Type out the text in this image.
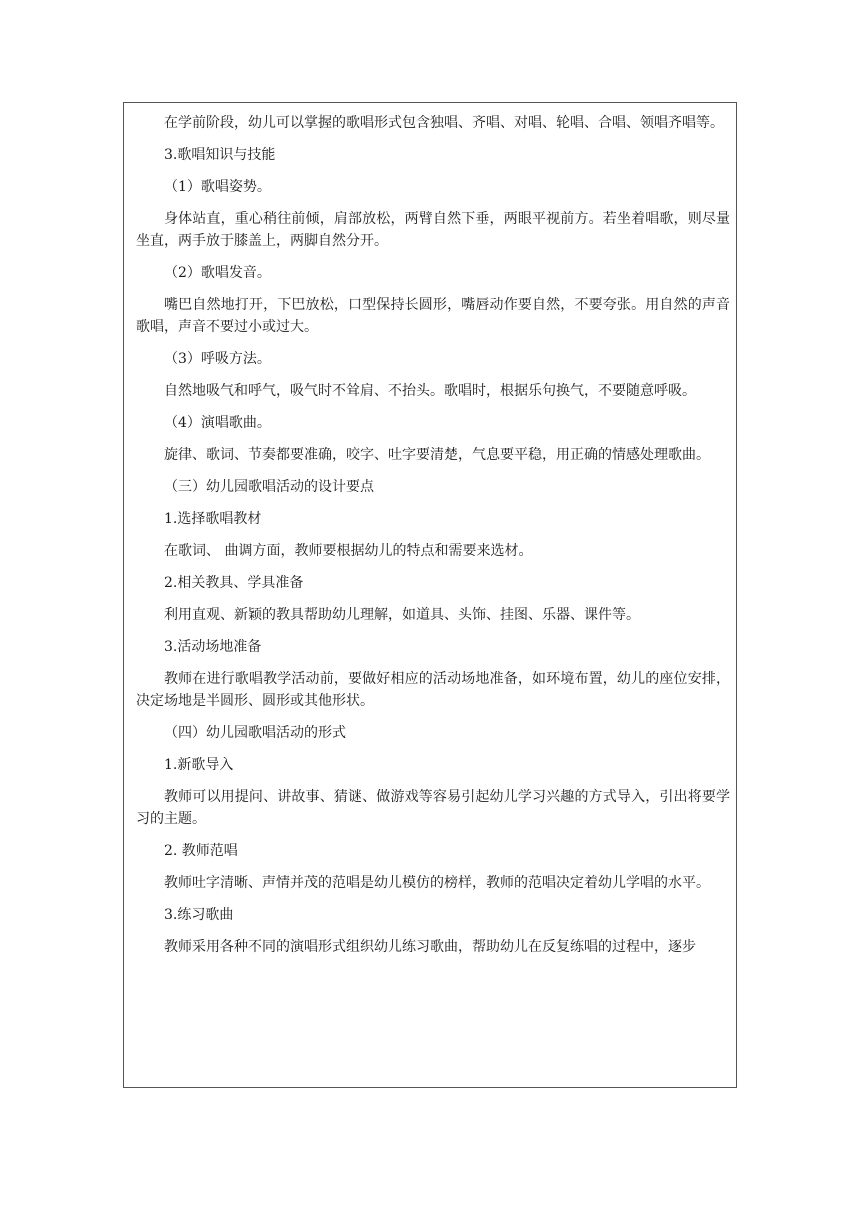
在学前阶段，幼儿可以掌握的歌唱形式包含独唱、齐唱、对唱、轮唱、合唱、领唱齐唱等。

3.歌唱知识与技能

（1）歌唱姿势。

身体站直，重心稍往前倾，肩部放松，两臂自然下垂，两眼平视前方。若坐着唱歌，则尽量坐直，两手放于膝盖上，两脚自然分开。

（2）歌唱发音。

嘴巴自然地打开，下巴放松，口型保持长圆形，嘴唇动作要自然，不要夸张。用自然的声音歌唱，声音不要过小或过大。

（3）呼吸方法。

自然地吸气和呼气，吸气时不耸肩、不抬头。歌唱时，根据乐句换气，不要随意呼吸。

（4）演唱歌曲。

旋律、歌词、节奏都要准确，咬字、吐字要清楚，气息要平稳，用正确的情感处理歌曲。

（三）幼儿园歌唱活动的设计要点

1.选择歌唱教材

在歌词、 曲调方面，教师要根据幼儿的特点和需要来选材。

2.相关教具、学具准备

利用直观、新颖的教具帮助幼儿理解，如道具、头饰、挂图、乐器、课件等。

3.活动场地准备

教师在进行歌唱教学活动前，要做好相应的活动场地准备，如环境布置，幼儿的座位安排，决定场地是半圆形、圆形或其他形状。

（四）幼儿园歌唱活动的形式

1.新歌导入

教师可以用提问、讲故事、猜谜、做游戏等容易引起幼儿学习兴趣的方式导入，引出将要学习的主题。

2. 教师范唱

教师吐字清晰、声情并茂的范唱是幼儿模仿的榜样，教师的范唱决定着幼儿学唱的水平。

3.练习歌曲

教师采用各种不同的演唱形式组织幼儿练习歌曲，帮助幼儿在反复练唱的过程中，逐步
